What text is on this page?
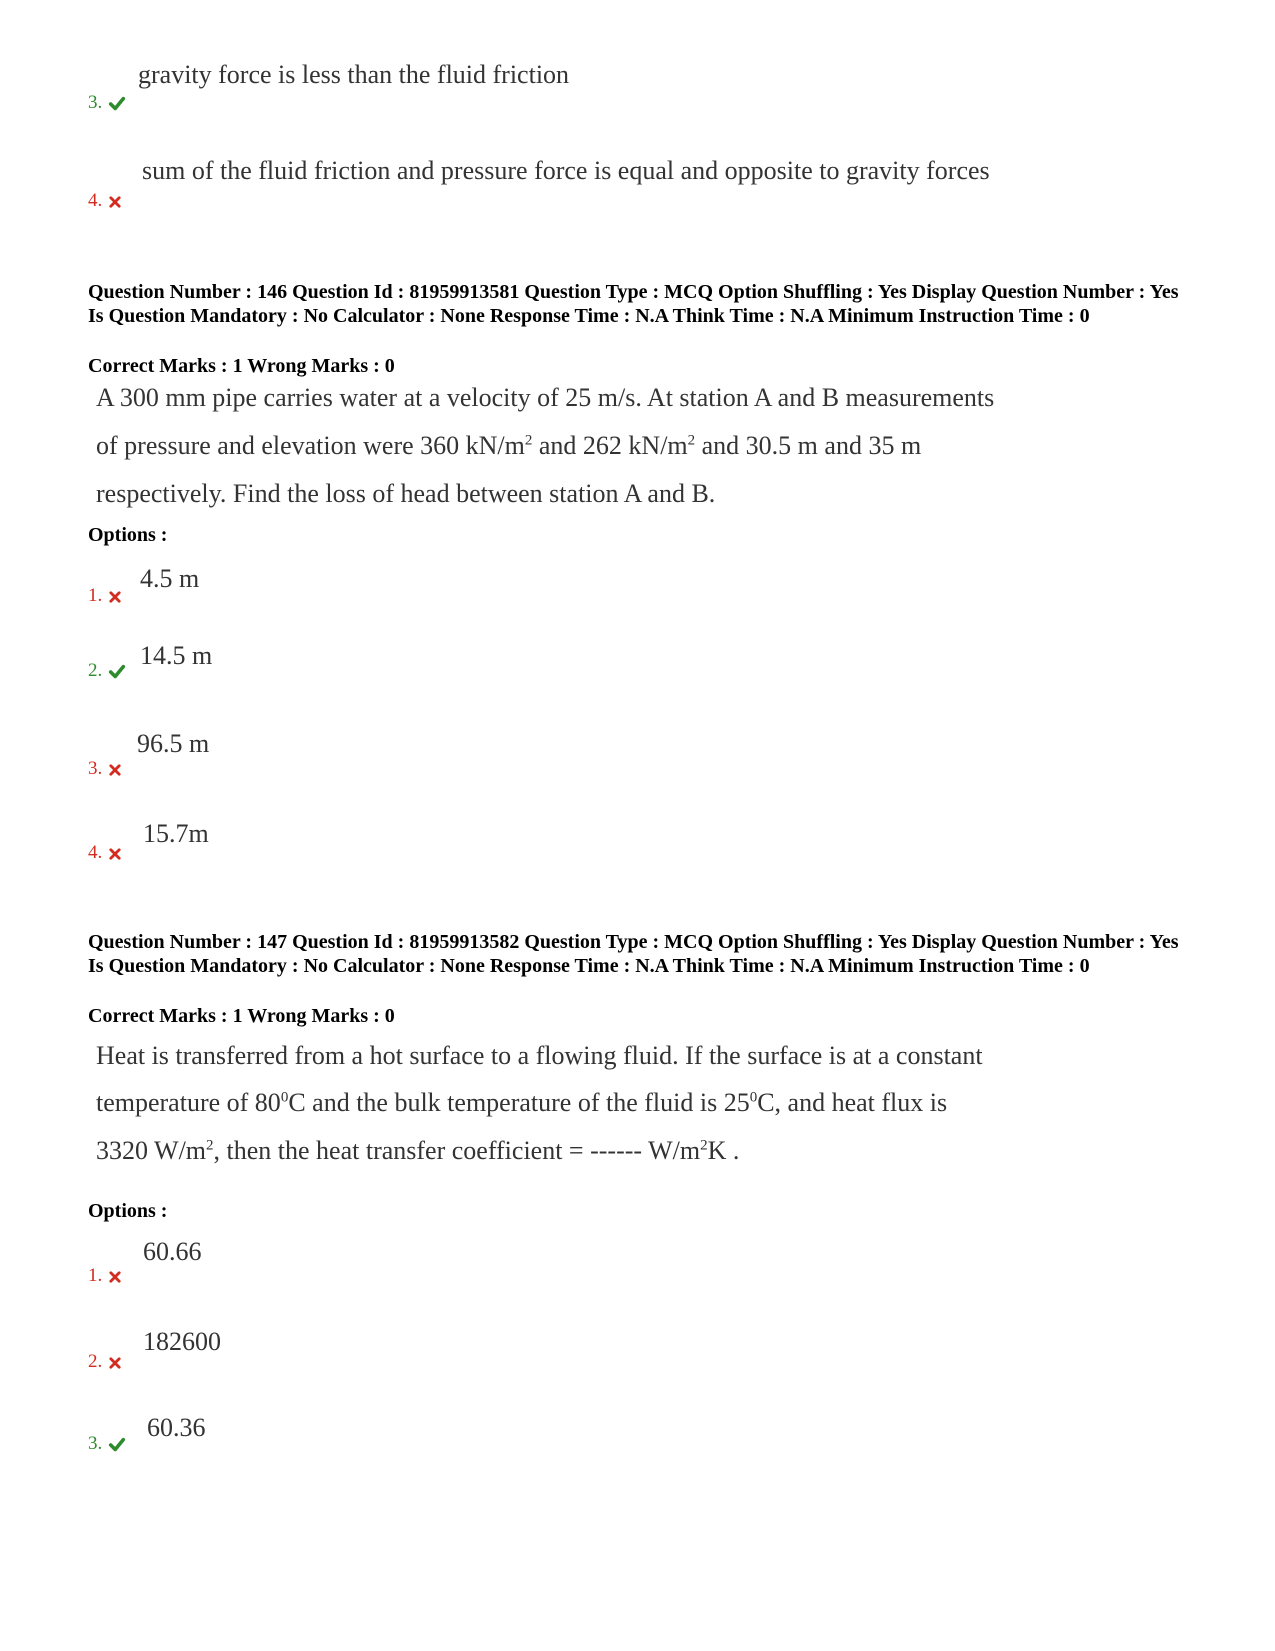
gravity force is less than the fluid friction
3.
sum of the fluid friction and pressure force is equal and opposite to gravity forces
4.
Question Number : 146 Question Id : 81959913581 Question Type : MCQ Option Shuffling : Yes Display Question Number : Yes Is Question Mandatory : No Calculator : None Response Time : N.A Think Time : N.A Minimum Instruction Time : 0
Correct Marks : 1 Wrong Marks : 0
A 300 mm pipe carries water at a velocity of 25 m/s. At station A and B measurements
of pressure and elevation were 360 $kN/m^2$ and 262 $kN/m^2$ and 30.5 m and 35 m
respectively. Find the loss of head between station A and B.
Options :
4.5 m
1.
14.5 m
2.
96.5 m
3.
15.7m
4.
Question Number : 147 Question Id : 81959913582 Question Type : MCQ Option Shuffling : Yes Display Question Number : Yes Is Question Mandatory : No Calculator : None Response Time : N.A Think Time : N.A Minimum Instruction Time : 0
Correct Marks : 1 Wrong Marks : 0
Heat is transferred from a hot surface to a flowing fluid. If the surface is at a constant
temperature of $80^0C$ and the bulk temperature of the fluid is $25^0C$, and heat flux is
3320 $W/m^2$, then the heat transfer coefficient = ------ $W/m^2K$ .
Options :
60.66
1.
182600
2.
60.36
3.
